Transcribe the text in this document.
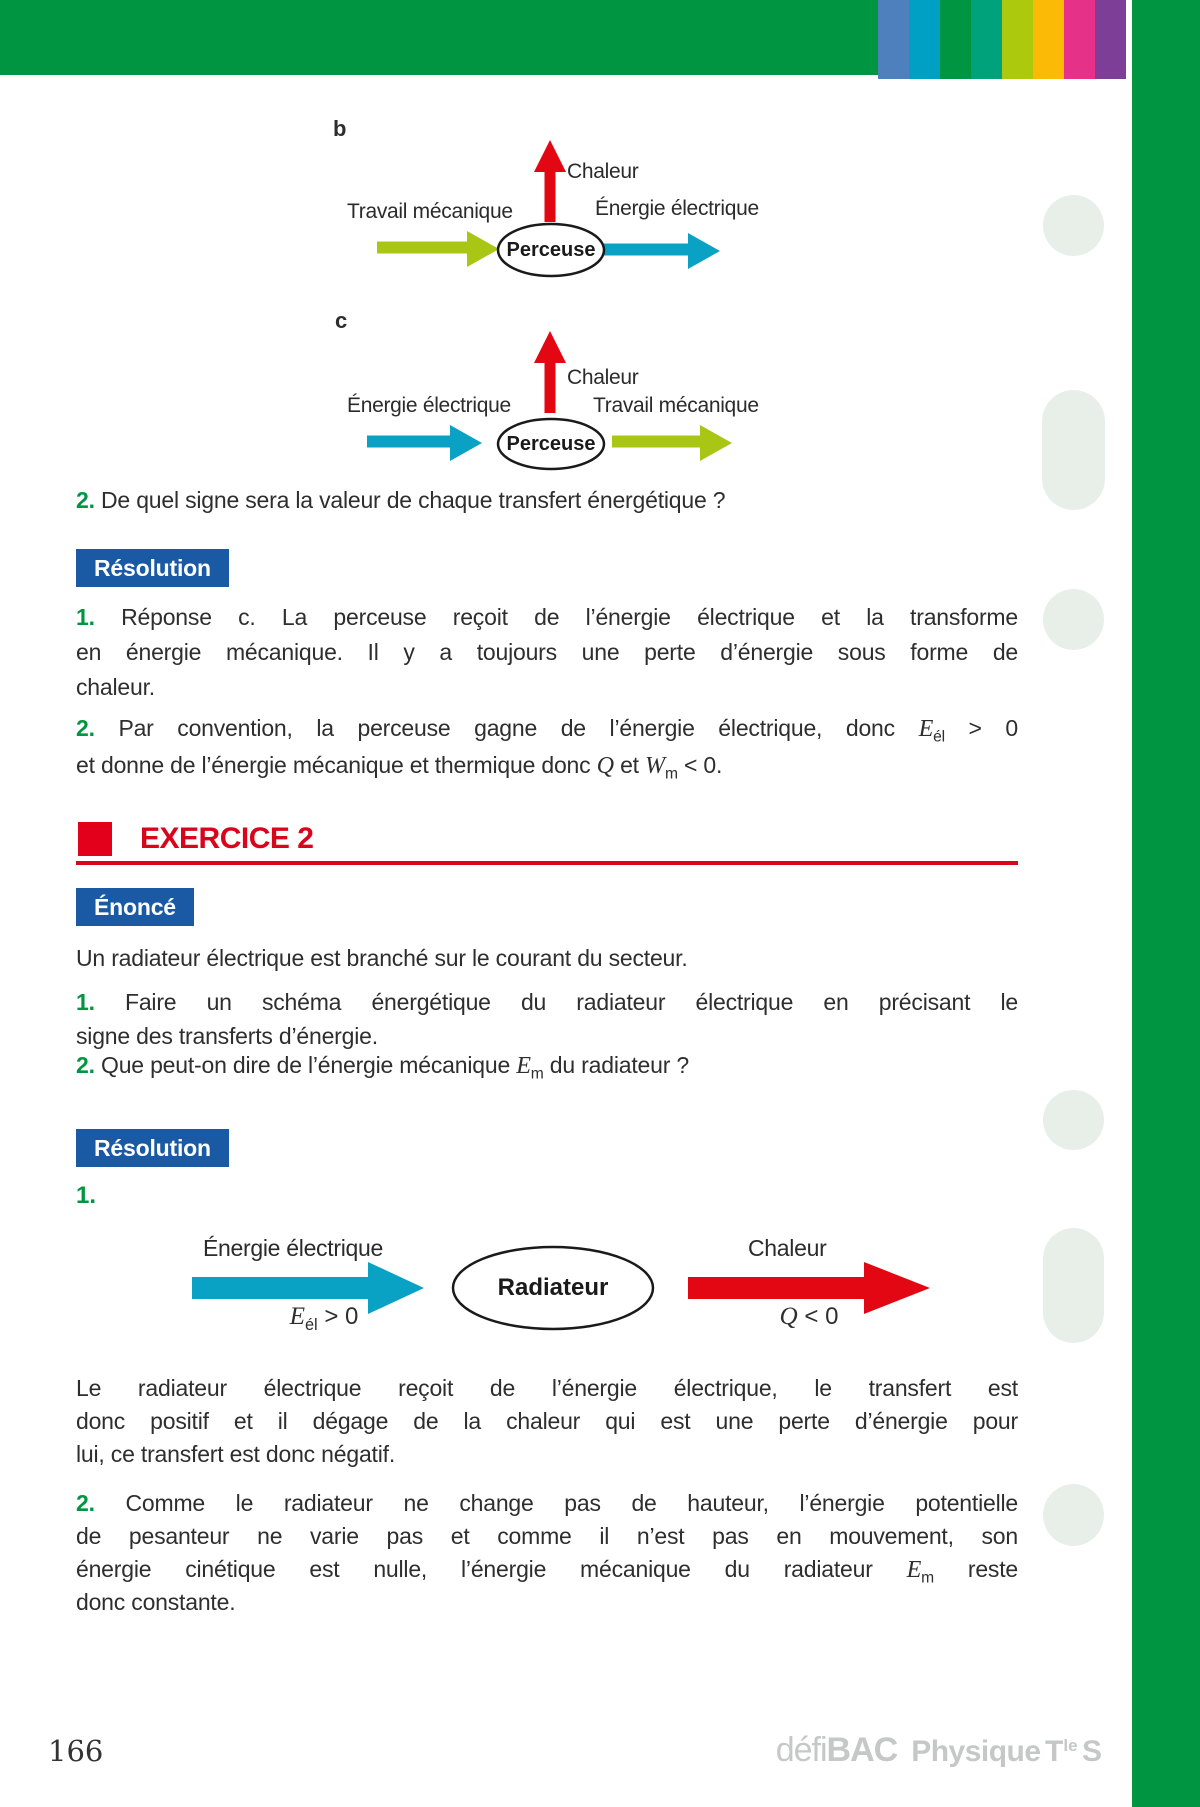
b
Chaleur
Travail mécanique	Énergie électrique
Perceuse
c
Chaleur
Énergie électrique	Travail mécanique
Perceuse
2. De quel signe sera la valeur de chaque transfert énergétique ?
Résolution
1. Réponse c. La perceuse reçoit de l’énergie électrique et la transforme
en énergie mécanique. Il y a toujours une perte d’énergie sous forme de
chaleur.
2. Par convention, la perceuse gagne de l’énergie électrique, donc $E_{él} > 0$
et donne de l’énergie mécanique et thermique donc Q et $W_m < 0$.
EXERCICE 2
Énoncé
Un radiateur électrique est branché sur le courant du secteur.
1. Faire un schéma énergétique du radiateur électrique en précisant le
signe des transferts d’énergie.
2. Que peut-on dire de l’énergie mécanique $E_m$ du radiateur ?
Résolution
1.
Énergie électrique	Chaleur
Radiateur
$E_{él} > 0$	Q < 0
Le radiateur électrique reçoit de l’énergie électrique, le transfert est
donc positif et il dégage de la chaleur qui est une perte d’énergie pour
lui, ce transfert est donc négatif.
2. Comme le radiateur ne change pas de hauteur, l’énergie potentielle
de pesanteur ne varie pas et comme il n’est pas en mouvement, son
énergie cinétique est nulle, l’énergie mécanique du radiateur $E_m$ reste
donc constante.
166	défiBAC Physique Tle S
